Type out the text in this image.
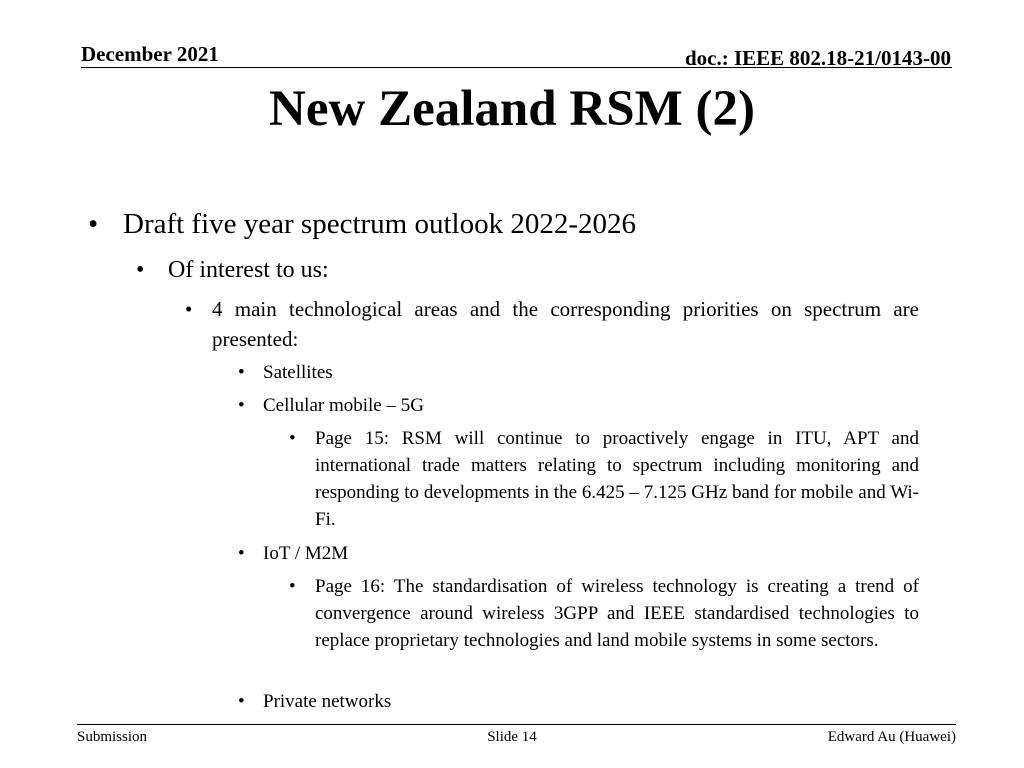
December 2021	doc.: IEEE 802.18-21/0143-00
New Zealand RSM (2)
• Draft five year spectrum outlook 2022-2026
• Of interest to us:
• 4 main technological areas and the corresponding priorities on spectrum are presented:
• Satellites
• Cellular mobile – 5G
• Page 15: RSM will continue to proactively engage in ITU, APT and international trade matters relating to spectrum including monitoring and responding to developments in the 6.425 – 7.125 GHz band for mobile and Wi-Fi.
• IoT / M2M
• Page 16: The standardisation of wireless technology is creating a trend of convergence around wireless 3GPP and IEEE standardised technologies to replace proprietary technologies and land mobile systems in some sectors.
• Private networks
Submission	Slide 14	Edward Au (Huawei)
